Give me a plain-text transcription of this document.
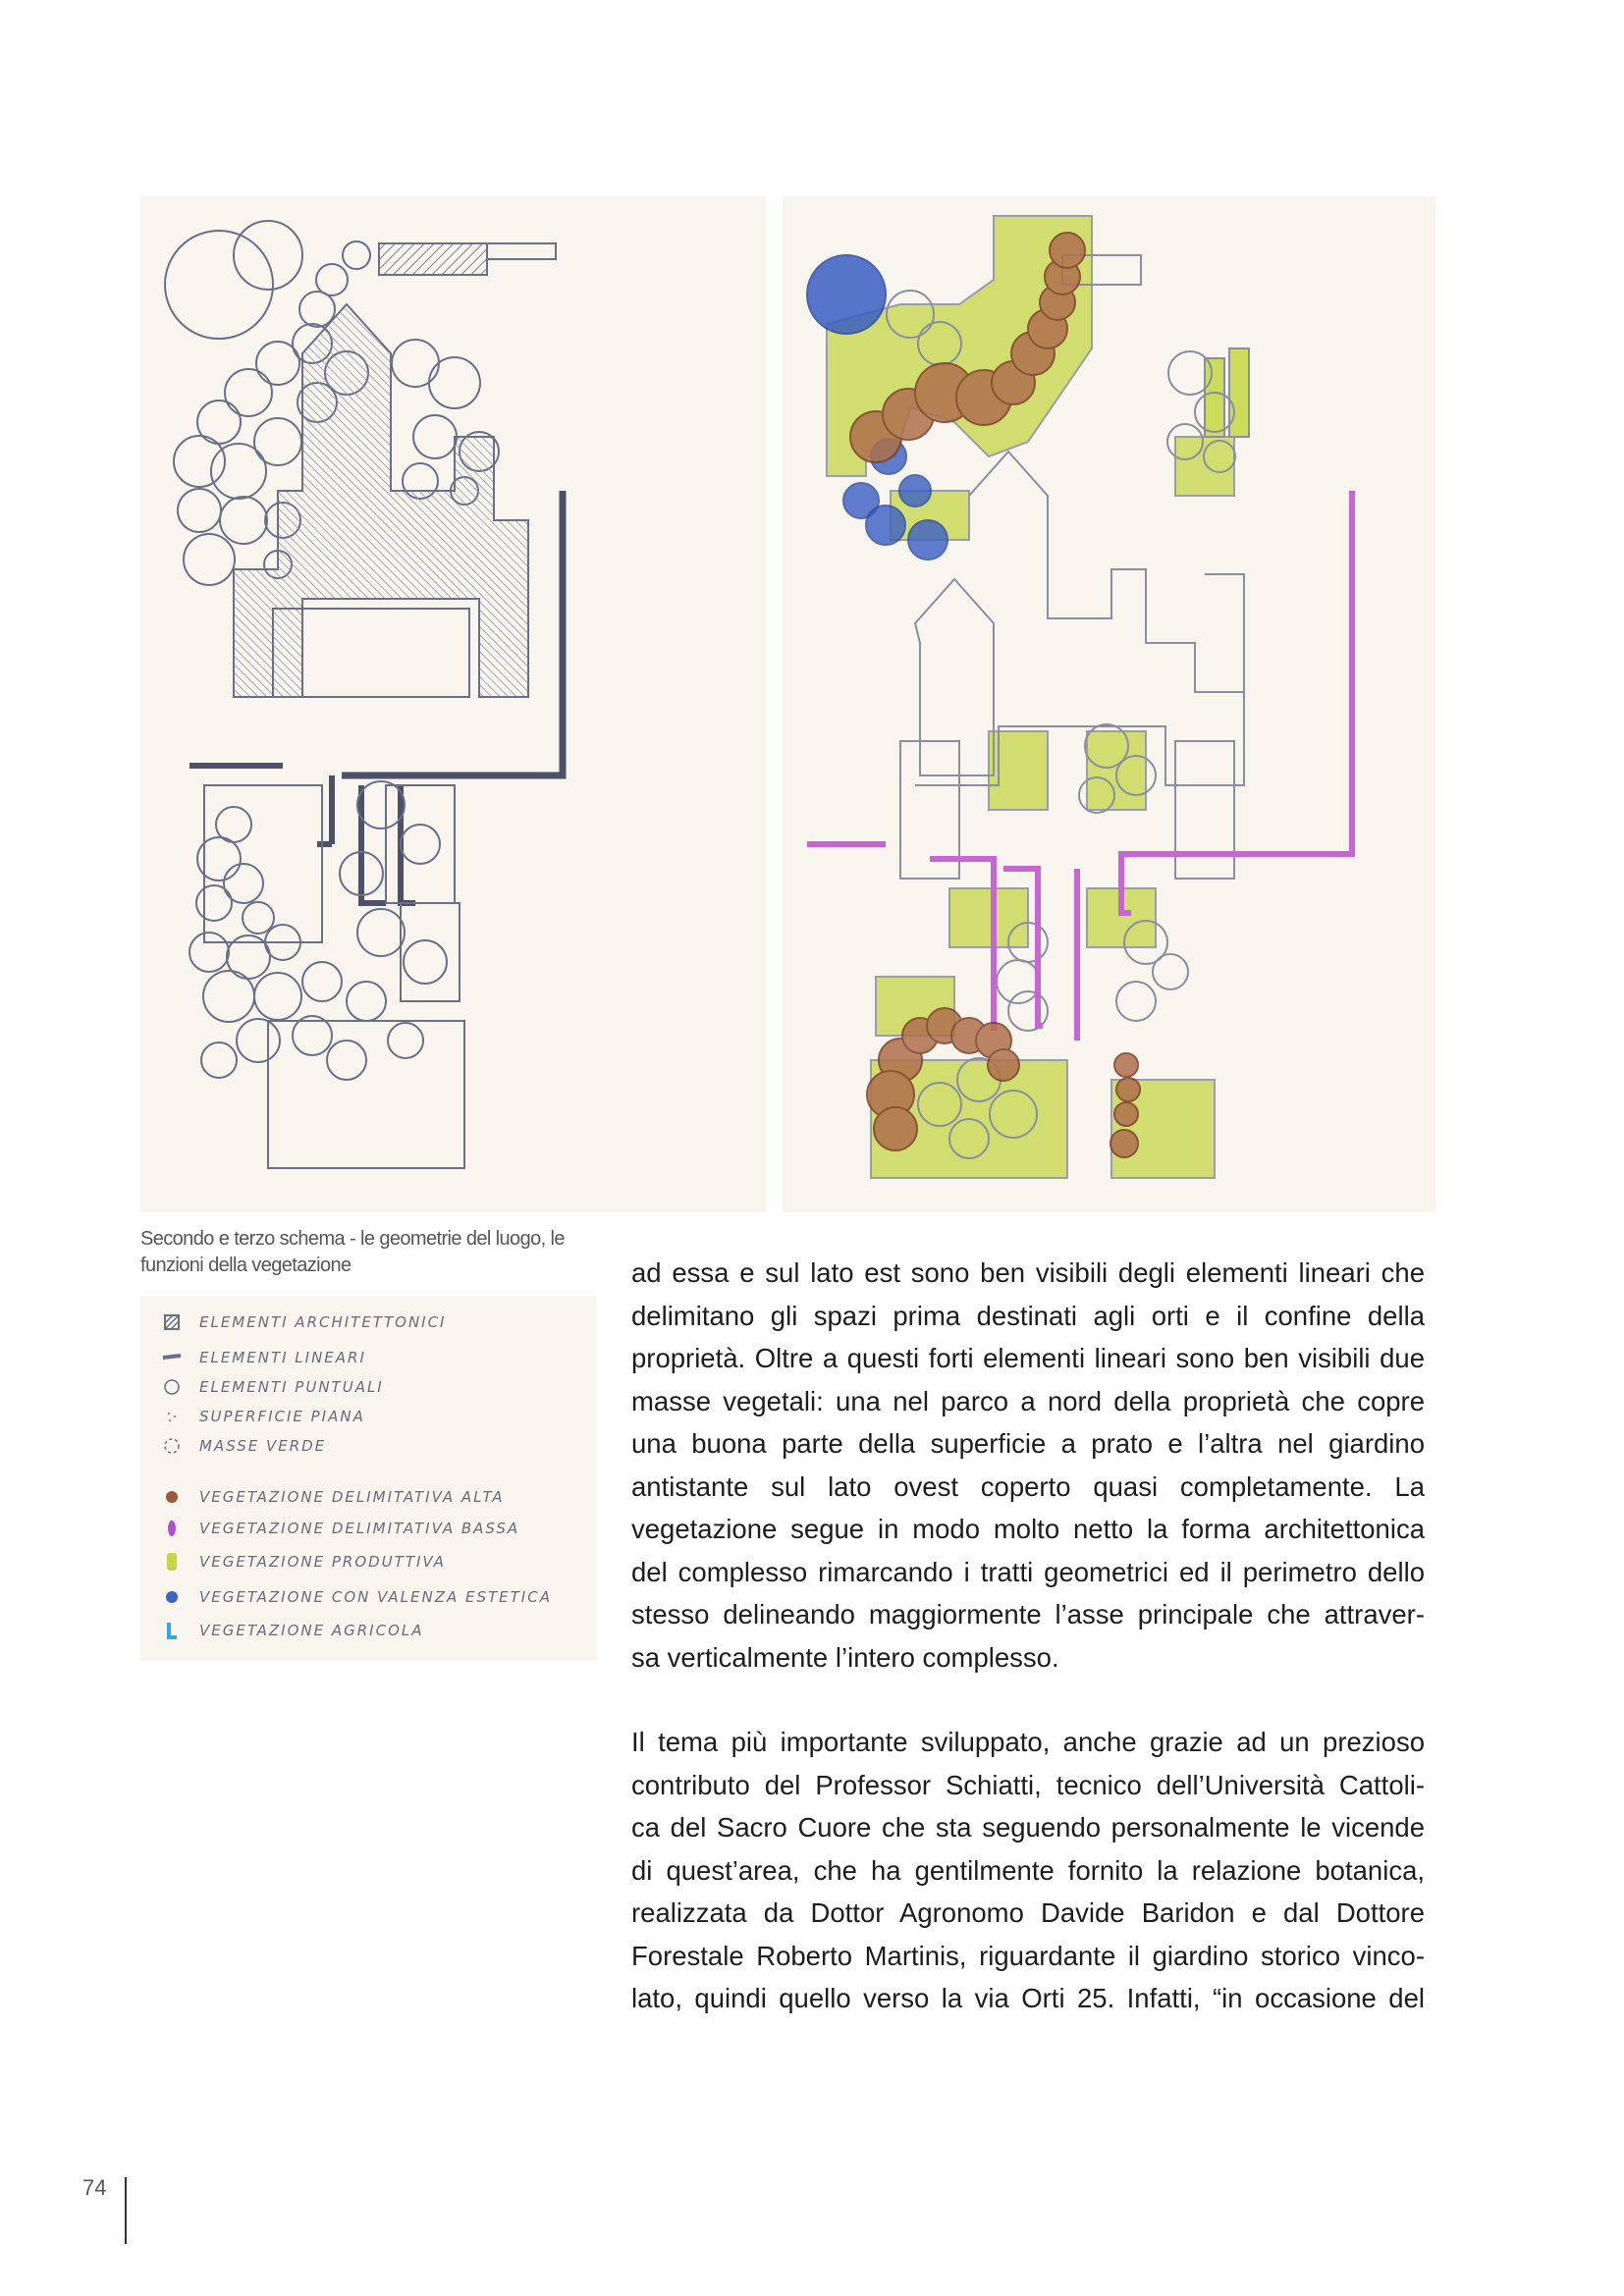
Secondo e terzo schema - le geometrie del luogo, le
funzioni della vegetazione
ELEMENTI ARCHITETTONICI
ELEMENTI LINEARI
ELEMENTI PUNTUALI
SUPERFICIE PIANA
MASSE VERDE
VEGETAZIONE DELIMITATIVA ALTA
VEGETAZIONE DELIMITATIVA BASSA
VEGETAZIONE PRODUTTIVA
VEGETAZIONE CON VALENZA ESTETICA
VEGETAZIONE AGRICOLA

ad essa e sul lato est sono ben visibili degli elementi lineari che

delimitano gli spazi prima destinati agli orti e il confine della

proprietà. Oltre a questi forti elementi lineari sono ben visibili due

masse vegetali: una nel parco a nord della proprietà che copre

una buona parte della superficie a prato e l’altra nel giardino

antistante sul lato ovest coperto quasi completamente. La

vegetazione segue in modo molto netto la forma architettonica

del complesso rimarcando i tratti geometrici ed il perimetro dello

stesso delineando maggiormente l’asse principale che attraver-

sa verticalmente l’intero complesso.

Il tema più importante sviluppato, anche grazie ad un prezioso

contributo del Professor Schiatti, tecnico dell’Università Cattoli-

ca del Sacro Cuore che sta seguendo personalmente le vicende

di quest’area, che ha gentilmente fornito la relazione botanica,

realizzata da Dottor Agronomo Davide Baridon e dal Dottore

Forestale Roberto Martinis, riguardante il giardino storico vinco-

lato, quindi quello verso la via Orti 25. Infatti, “in occasione del

74
